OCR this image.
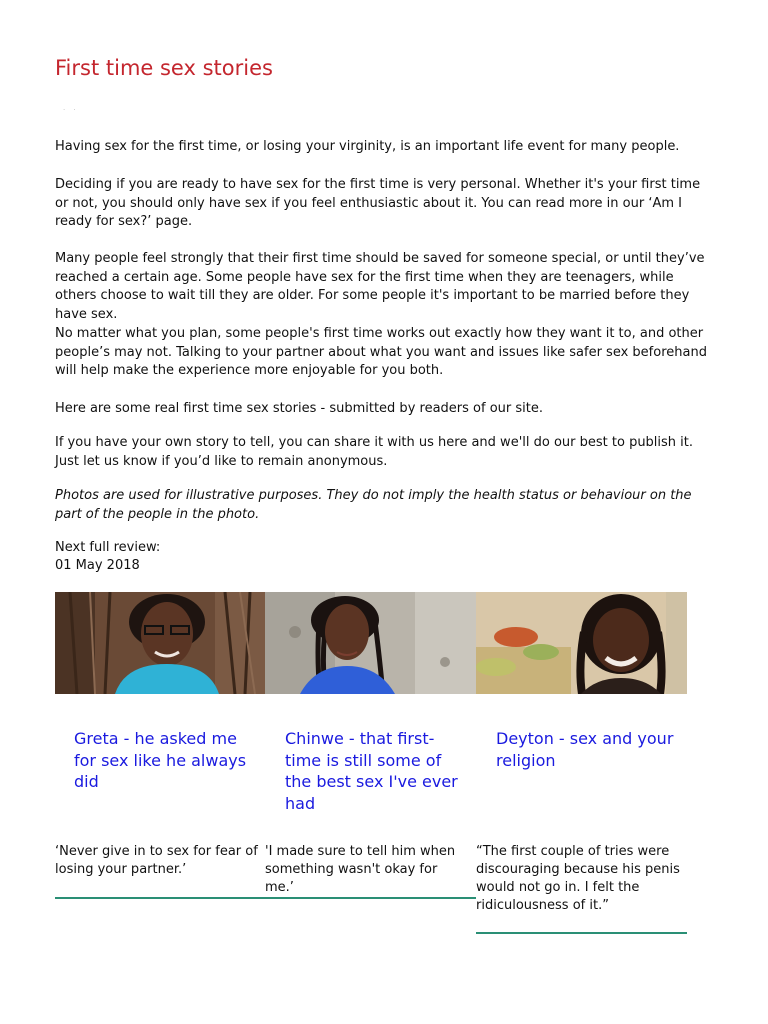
First time sex stories
··

Having sex for the first time, or losing your virginity, is an important life event for many people.

Deciding if you are ready to have sex for the first time is very personal. Whether it's your first time or not, you should only have sex if you feel enthusiastic about it. You can read more in our ‘Am I ready for sex?’ page.

Many people feel strongly that their first time should be saved for someone special, or until they’ve reached a certain age. Some people have sex for the first time when they are teenagers, while others choose to wait till they are older. For some people it's important to be married before they have sex.

No matter what you plan, some people's first time works out exactly how they want it to, and other people’s may not. Talking to your partner about what you want and issues like safer sex beforehand will help make the experience more enjoyable for you both.

Here are some real first time sex stories - submitted by readers of our site.

If you have your own story to tell, you can share it with us here and we'll do our best to publish it. Just let us know if you’d like to remain anonymous.

Photos are used for illustrative purposes. They do not imply the health status or behaviour on the part of the people in the photo.

Next full review:

01 May 2018

Greta - he asked me for sex like he always did
Chinwe - that first-time is still some of the best sex I've ever had
Deyton - sex and your religion
‘Never give in to sex for fear of losing your partner.’
'I made sure to tell him when something wasn't okay for me.’
“The first couple of tries were discouraging because his penis would not go in. I felt the ridiculousness of it.”
